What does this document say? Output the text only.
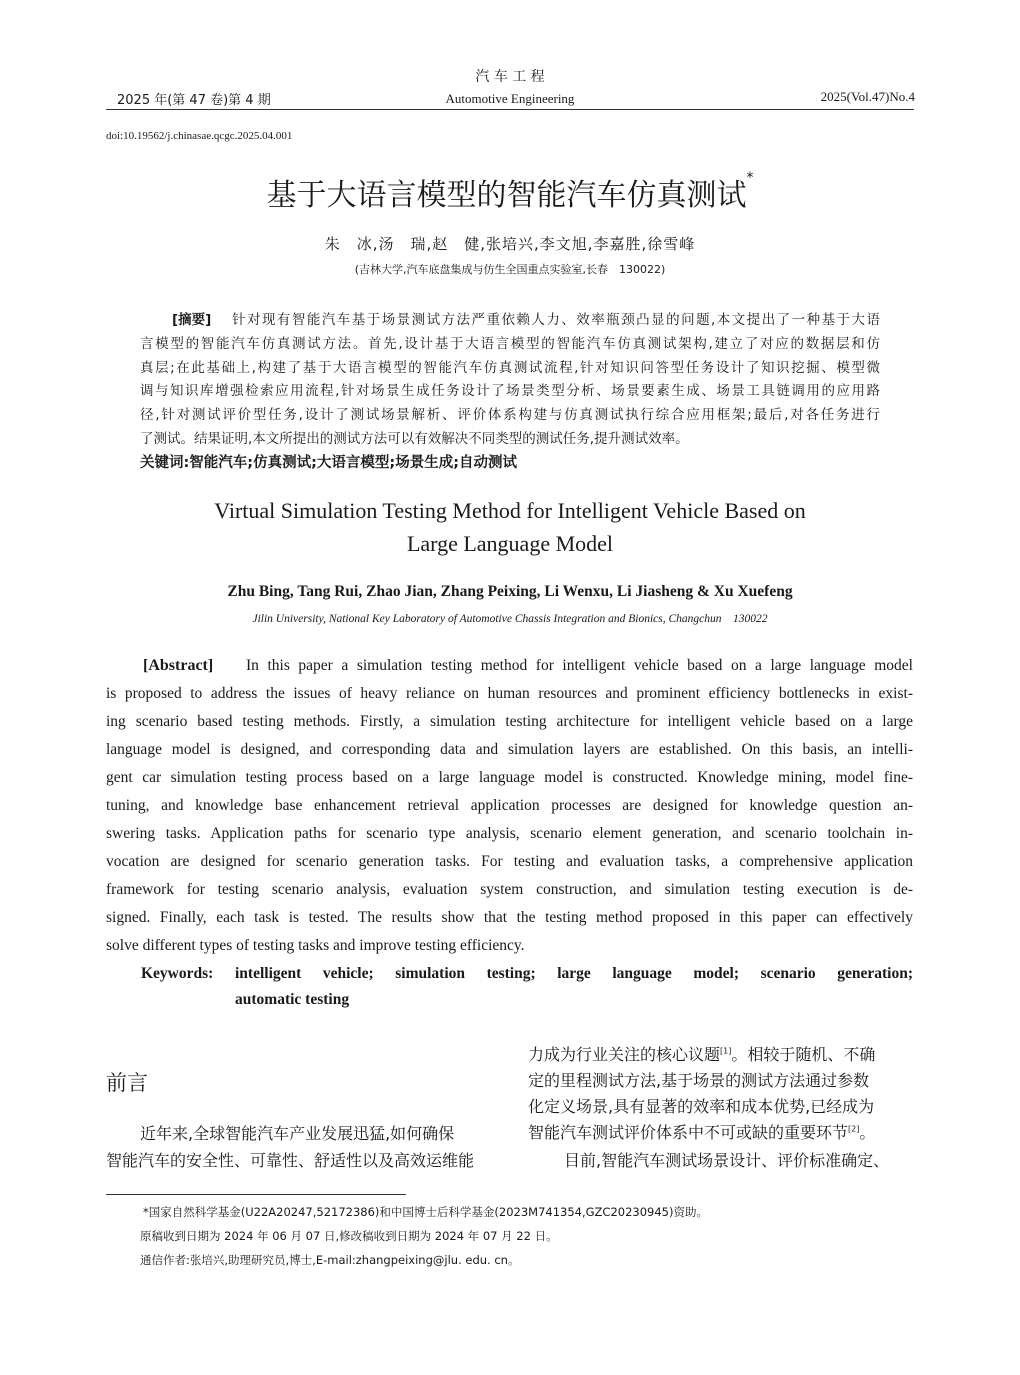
汽 车 工 程
2025 年(第 47 卷)第 4 期	Automotive Engineering	2025(Vol.47)No.4
doi:10.19562/j.chinasae.qcgc.2025.04.001
基于大语言模型的智能汽车仿真测试*
朱　冰,汤　瑞,赵　健,张培兴,李文旭,李嘉胜,徐雪峰
(吉林大学,汽车底盘集成与仿生全国重点实验室,长春　130022)
[摘要] 针对现有智能汽车基于场景测试方法严重依赖人力、效率瓶颈凸显的问题,本文提出了一种基于大语
言模型的智能汽车仿真测试方法。首先,设计基于大语言模型的智能汽车仿真测试架构,建立了对应的数据层和仿
真层;在此基础上,构建了基于大语言模型的智能汽车仿真测试流程,针对知识问答型任务设计了知识挖掘、模型微
调与知识库增强检索应用流程,针对场景生成任务设计了场景类型分析、场景要素生成、场景工具链调用的应用路
径,针对测试评价型任务,设计了测试场景解析、评价体系构建与仿真测试执行综合应用框架;最后,对各任务进行
了测试。结果证明,本文所提出的测试方法可以有效解决不同类型的测试任务,提升测试效率。
关键词:智能汽车;仿真测试;大语言模型;场景生成;自动测试
Virtual Simulation Testing Method for Intelligent Vehicle Based on
Large Language Model
Zhu Bing, Tang Rui, Zhao Jian, Zhang Peixing, Li Wenxu, Li Jiasheng & Xu Xuefeng
Jilin University, National Key Laboratory of Automotive Chassis Integration and Bionics, Changchun　130022
[Abstract] In this paper a simulation testing method for intelligent vehicle based on a large language model
is proposed to address the issues of heavy reliance on human resources and prominent efficiency bottlenecks in exist-
ing scenario based testing methods. Firstly, a simulation testing architecture for intelligent vehicle based on a large
language model is designed, and corresponding data and simulation layers are established. On this basis, an intelli-
gent car simulation testing process based on a large language model is constructed. Knowledge mining, model fine-
tuning, and knowledge base enhancement retrieval application processes are designed for knowledge question an-
swering tasks. Application paths for scenario type analysis, scenario element generation, and scenario toolchain in-
vocation are designed for scenario generation tasks. For testing and evaluation tasks, a comprehensive application
framework for testing scenario analysis, evaluation system construction, and simulation testing execution is de-
signed. Finally, each task is tested. The results show that the testing method proposed in this paper can effectively
solve different types of testing tasks and improve testing efficiency.
Keywords: intelligent vehicle; simulation testing; large language model; scenario generation;
automatic testing
前言
近年来,全球智能汽车产业发展迅猛,如何确保
智能汽车的安全性、可靠性、舒适性以及高效运维能
力成为行业关注的核心议题[1]。相较于随机、不确
定的里程测试方法,基于场景的测试方法通过参数
化定义场景,具有显著的效率和成本优势,已经成为
智能汽车测试评价体系中不可或缺的重要环节[2]。
目前,智能汽车测试场景设计、评价标准确定、
*国家自然科学基金(U22A20247,52172386)和中国博士后科学基金(2023M741354,GZC20230945)资助。
原稿收到日期为 2024 年 06 月 07 日,修改稿收到日期为 2024 年 07 月 22 日。
通信作者:张培兴,助理研究员,博士,E-mail:zhangpeixing@jlu. edu. cn。
